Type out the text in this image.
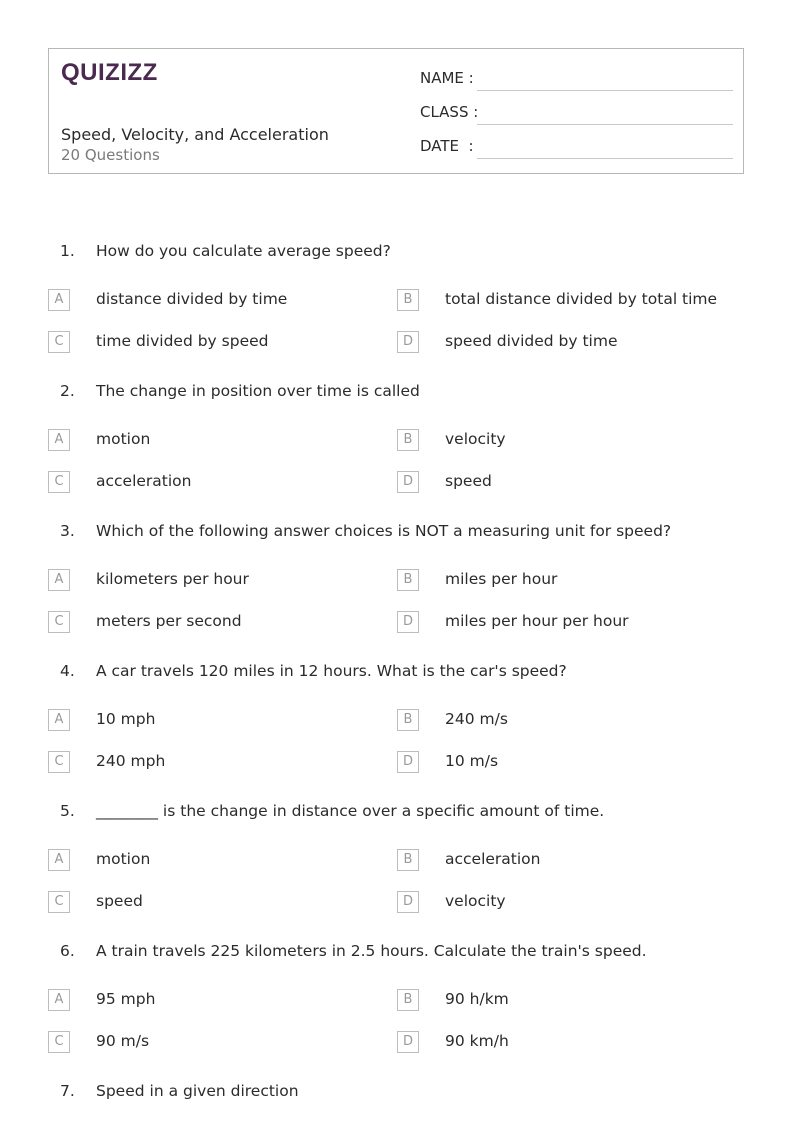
QUIZIZZ
Speed, Velocity, and Acceleration
20 Questions
NAME :
CLASS :
DATE  :
1. How do you calculate average speed?
A	distance divided by time	B	total distance divided by total time
C	time divided by speed	D	speed divided by time
2. The change in position over time is called
A	motion	B	velocity
C	acceleration	D	speed
3. Which of the following answer choices is NOT a measuring unit for speed?
A	kilometers per hour	B	miles per hour
C	meters per second	D	miles per hour per hour
4. A car travels 120 miles in 12 hours. What is the car's speed?
A	10 mph	B	240 m/s
C	240 mph	D	10 m/s
5. ________ is the change in distance over a specific amount of time.
A	motion	B	acceleration
C	speed	D	velocity
6. A train travels 225 kilometers in 2.5 hours. Calculate the train's speed.
A	95 mph	B	90 h/km
C	90 m/s	D	90 km/h
7. Speed in a given direction
